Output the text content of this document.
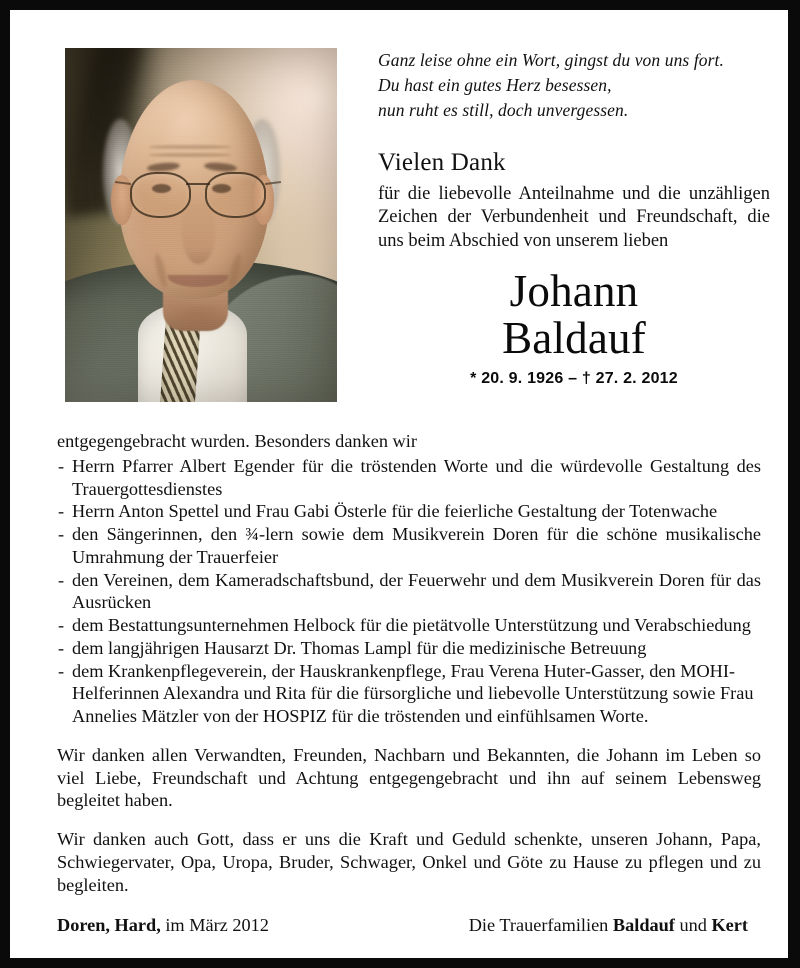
Ganz leise ohne ein Wort, gingst du von uns fort.
Du hast ein gutes Herz besessen,
nun ruht es still, doch unvergessen.
Vielen Dank
für die liebevolle Anteilnahme und die unzähligen Zeichen der Verbundenheit und Freundschaft, die uns beim Abschied von unserem lieben
Johann
Baldauf
* 20. 9. 1926 – † 27. 2. 2012
entgegengebracht wurden. Besonders danken wir
- Herrn Pfarrer Albert Egender für die tröstenden Worte und die würdevolle Gestaltung des Trauergottesdienstes
- Herrn Anton Spettel und Frau Gabi Österle für die feierliche Gestaltung der Totenwache
- den Sängerinnen, den ¾-lern sowie dem Musikverein Doren für die schöne musikalische Umrahmung der Trauerfeier
- den Vereinen, dem Kameradschaftsbund, der Feuerwehr und dem Musikverein Doren für das Ausrücken
- dem Bestattungsunternehmen Helbock für die pietätvolle Unterstützung und Verabschiedung
- dem langjährigen Hausarzt Dr. Thomas Lampl für die medizinische Betreuung
- dem Krankenpflegeverein, der Hauskrankenpflege, Frau Verena Huter-Gasser, den MOHI-Helferinnen Alexandra und Rita für die fürsorgliche und liebevolle Unterstützung sowie Frau Annelies Mätzler von der HOSPIZ für die tröstenden und einfühlsamen Worte.
Wir danken allen Verwandten, Freunden, Nachbarn und Bekannten, die Johann im Leben so viel Liebe, Freundschaft und Achtung entgegengebracht und ihn auf seinem Lebensweg begleitet haben.
Wir danken auch Gott, dass er uns die Kraft und Geduld schenkte, unseren Johann, Papa, Schwiegervater, Opa, Uropa, Bruder, Schwager, Onkel und Göte zu Hause zu pflegen und zu begleiten.
Doren, Hard, im März 2012	Die Trauerfamilien Baldauf und Kert
